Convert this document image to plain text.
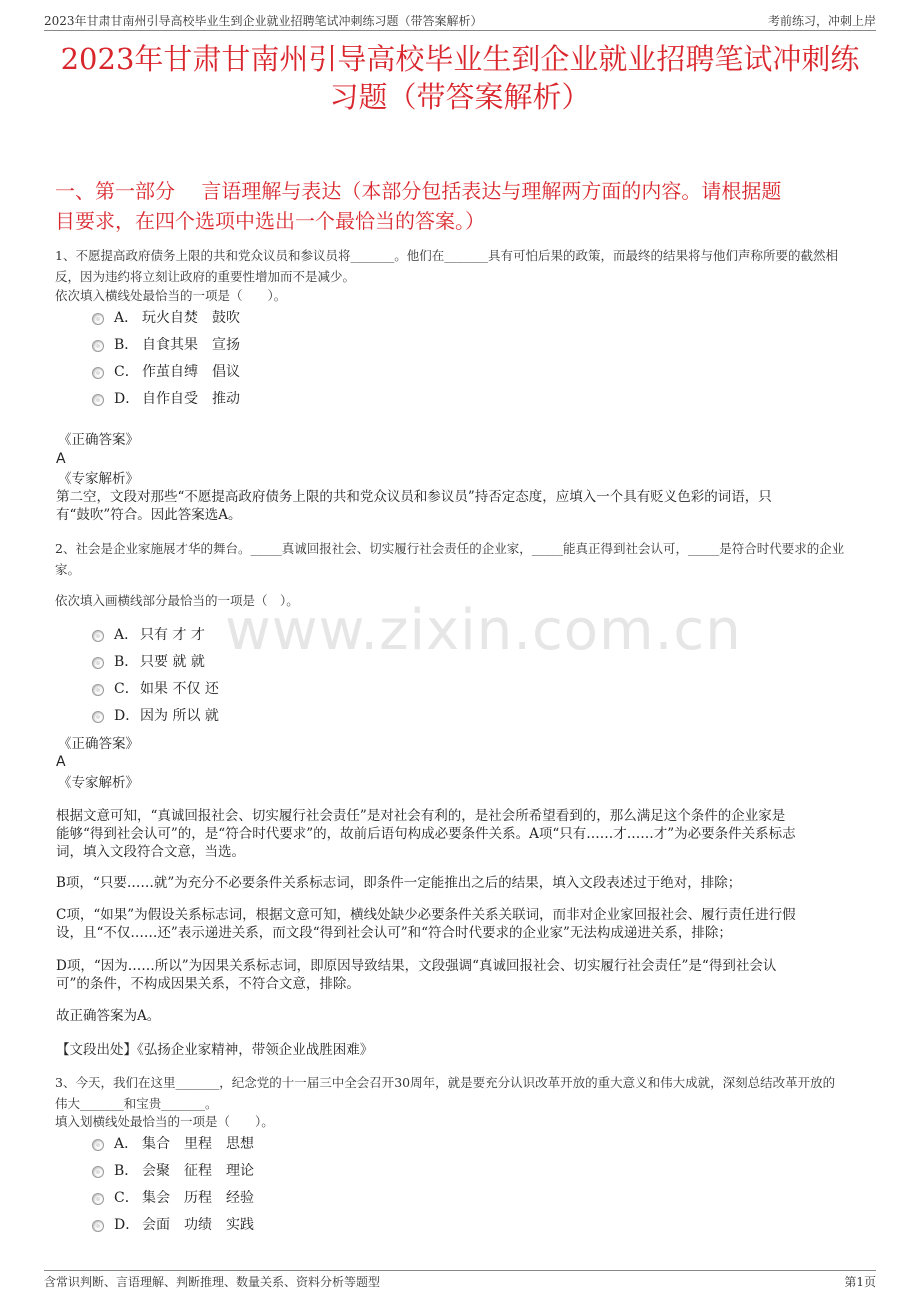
2023年甘肃甘南州引导高校毕业生到企业就业招聘笔试冲刺练习题（带答案解析）	考前练习，冲刺上岸
2023年甘肃甘南州引导高校毕业生到企业就业招聘笔试冲刺练
习题（带答案解析）
一、第一部分　 言语理解与表达（本部分包括表达与理解两方面的内容。请根据题
目要求，在四个选项中选出一个最恰当的答案。）
www.zixin.com.cn
1、不愿提高政府债务上限的共和党众议员和参议员将_______。他们在_______具有可怕后果的政策，而最终的结果将与他们声称所要的截然相
反，因为违约将立刻让政府的重要性增加而不是减少。
依次填入横线处最恰当的一项是（　　）。
A． 玩火自焚　鼓吹
B． 自食其果　宣扬
C． 作茧自缚　倡议
D． 自作自受　推动
《正确答案》
A
《专家解析》
第二空，文段对那些“不愿提高政府债务上限的共和党众议员和参议员”持否定态度，应填入一个具有贬义色彩的词语，只
有“鼓吹”符合。因此答案选A。
2、社会是企业家施展才华的舞台。_____真诚回报社会、切实履行社会责任的企业家，_____能真正得到社会认可，_____是符合时代要求的企业
家。
依次填入画横线部分最恰当的一项是（　）。
A． 只有 才 才
B． 只要 就 就
C． 如果 不仅 还
D． 因为 所以 就
《正确答案》
A
《专家解析》
根据文意可知，“真诚回报社会、切实履行社会责任”是对社会有利的，是社会所希望看到的，那么满足这个条件的企业家是
能够“得到社会认可”的，是“符合时代要求”的，故前后语句构成必要条件关系。A项“只有……才……才”为必要条件关系标志
词，填入文段符合文意，当选。
B项，“只要……就”为充分不必要条件关系标志词，即条件一定能推出之后的结果，填入文段表述过于绝对，排除；
C项，“如果”为假设关系标志词，根据文意可知，横线处缺少必要条件关系关联词，而非对企业家回报社会、履行责任进行假
设，且“不仅……还”表示递进关系，而文段“得到社会认可”和“符合时代要求的企业家”无法构成递进关系，排除；
D项，“因为……所以”为因果关系标志词，即原因导致结果，文段强调“真诚回报社会、切实履行社会责任”是“得到社会认
可”的条件，不构成因果关系，不符合文意，排除。
故正确答案为A。
【文段出处】《弘扬企业家精神，带领企业战胜困难》
3、今天，我们在这里_______，纪念党的十一届三中全会召开30周年，就是要充分认识改革开放的重大意义和伟大成就，深刻总结改革开放的
伟大_______和宝贵_______。
填入划横线处最恰当的一项是（　　）。
A． 集合　里程　思想
B． 会聚　征程　理论
C． 集会　历程　经验
D． 会面　功绩　实践
含常识判断、言语理解、判断推理、数量关系、资料分析等题型	第1页
